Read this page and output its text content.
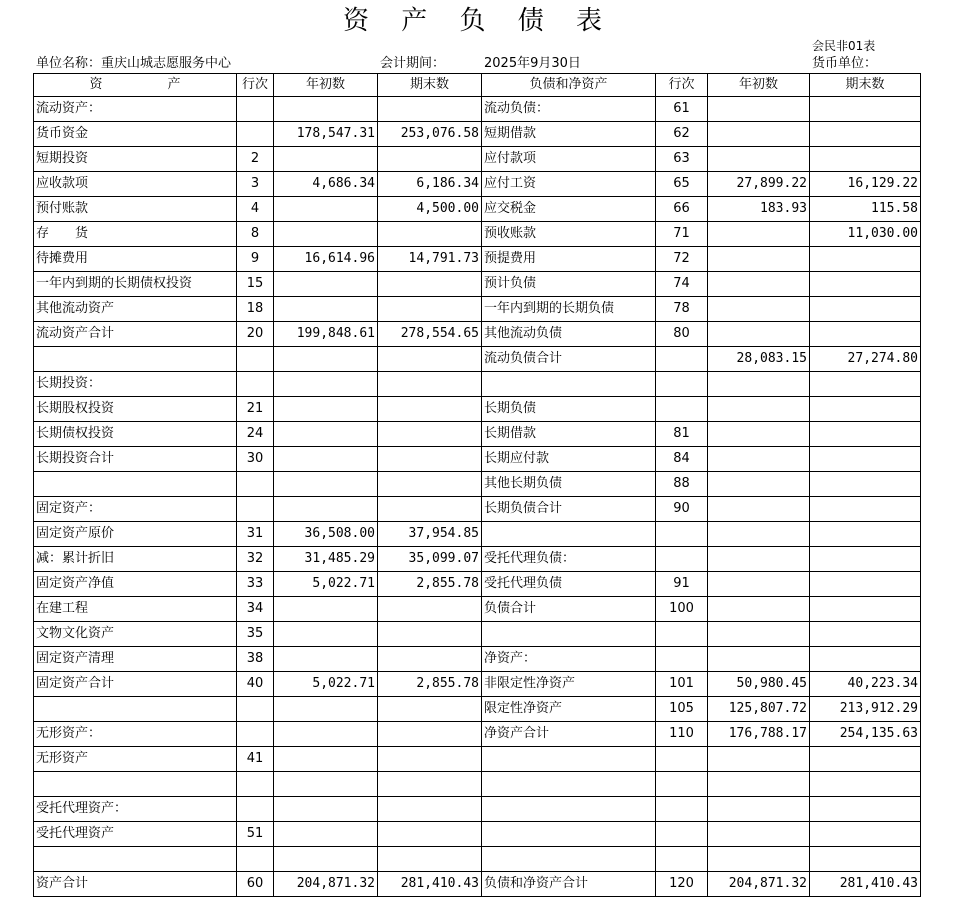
资 产 负 债 表
会民非01表
单位名称：重庆山城志愿服务中心	会计期间：	2025年9月30日	货币单位：
资　　　　　产	行次	年初数	期末数	负债和净资产	行次	年初数	期末数
流动资产：				流动负债：	61		
货币资金		178,547.31	253,076.58	短期借款	62		
短期投资	2			应付款项	63		
应收款项	3	4,686.34	6,186.34	应付工资	65	27,899.22	16,129.22
预付账款	4		4,500.00	应交税金	66	183.93	115.58
存　　货	8			预收账款	71		11,030.00
待摊费用	9	16,614.96	14,791.73	预提费用	72		
一年内到期的长期债权投资	15			预计负债	74		
其他流动资产	18			一年内到期的长期负债	78		
流动资产合计	20	199,848.61	278,554.65	其他流动负债	80		
				流动负债合计		28,083.15	27,274.80
长期投资：							
长期股权投资	21			长期负债			
长期债权投资	24			长期借款	81		
长期投资合计	30			长期应付款	84		
				其他长期负债	88		
固定资产：				长期负债合计	90		
固定资产原价	31	36,508.00	37,954.85				
减：累计折旧	32	31,485.29	35,099.07	受托代理负债：			
固定资产净值	33	5,022.71	2,855.78	受托代理负债	91		
在建工程	34			负债合计	100		
文物文化资产	35						
固定资产清理	38			净资产：			
固定资产合计	40	5,022.71	2,855.78	非限定性净资产	101	50,980.45	40,223.34
				限定性净资产	105	125,807.72	213,912.29
无形资产：				净资产合计	110	176,788.17	254,135.63
无形资产	41						

受托代理资产：							
受托代理资产	51						

资产合计	60	204,871.32	281,410.43	负债和净资产合计	120	204,871.32	281,410.43
